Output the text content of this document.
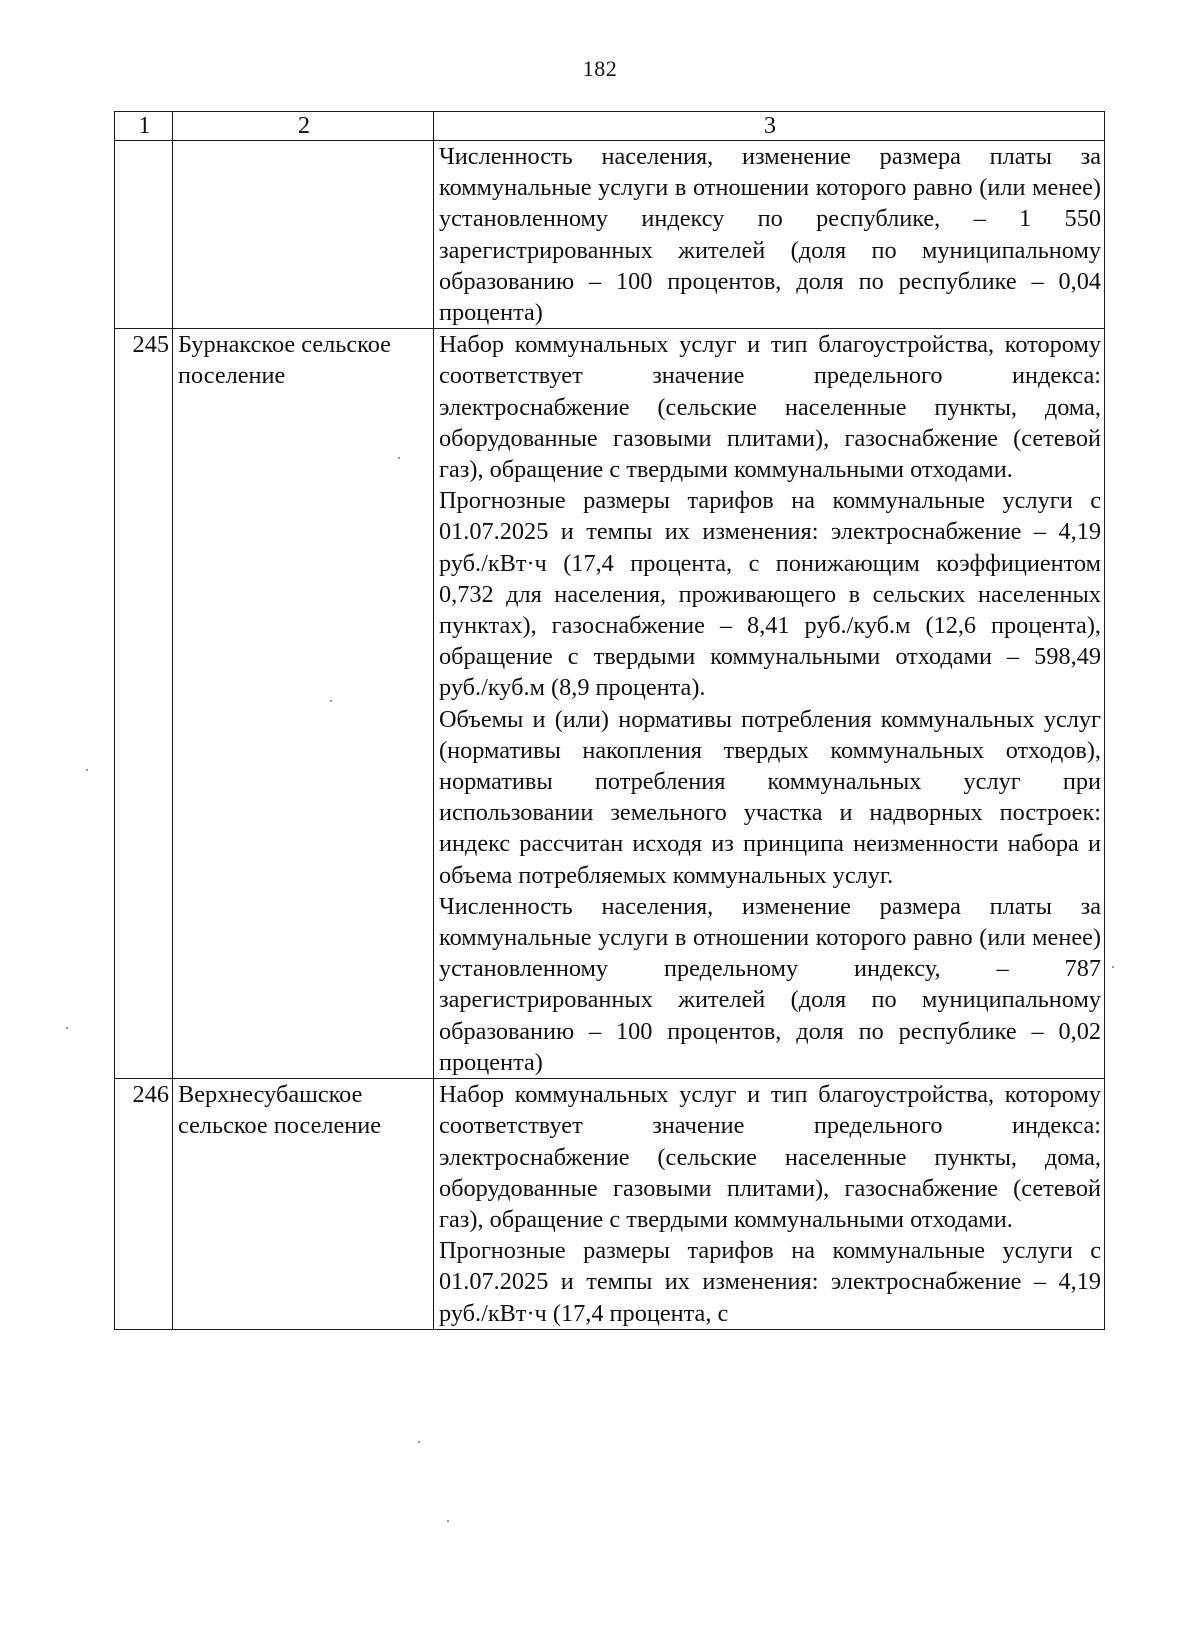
182
1	2	3

		Численность населения, изменение размера платы за коммунальные услуги в отношении которого равно (или менее) установленному индексу по республике, – 1 550 зарегистрированных жителей (доля по муниципальному образованию – 100 процентов, доля по республике – 0,04 процента)

245	Бурнакское сельское поселение	Набор коммунальных услуг и тип благоустройства, которому соответствует значение предельного индекса: электроснабжение (сельские населенные пункты, дома, оборудованные газовыми плитами), газоснабжение (сетевой газ), обращение с твердыми коммунальными отходами.
Прогнозные размеры тарифов на коммунальные услуги с 01.07.2025 и темпы их изменения: электроснабжение – 4,19 руб./кВт·ч (17,4 процента, с понижающим коэффициентом 0,732 для населения, проживающего в сельских населенных пунктах), газоснабжение – 8,41 руб./куб.м (12,6 процента), обращение с твердыми коммунальными отходами – 598,49 руб./куб.м (8,9 процента).
Объемы и (или) нормативы потребления коммунальных услуг (нормативы накопления твердых коммунальных отходов), нормативы потребления коммунальных услуг при использовании земельного участка и надворных построек: индекс рассчитан исходя из принципа неизменности набора и объема потребляемых коммунальных услуг.
Численность населения, изменение размера платы за коммунальные услуги в отношении которого равно (или менее) установленному предельному индексу, – 787 зарегистрированных жителей (доля по муниципальному образованию – 100 процентов, доля по республике – 0,02 процента)

246	Верхнесубашское сельское поселение	Набор коммунальных услуг и тип благоустройства, которому соответствует значение предельного индекса: электроснабжение (сельские населенные пункты, дома, оборудованные газовыми плитами), газоснабжение (сетевой газ), обращение с твердыми коммунальными отходами.
Прогнозные размеры тарифов на коммунальные услуги с 01.07.2025 и темпы их изменения: электроснабжение – 4,19 руб./кВт·ч (17,4 процента, с
